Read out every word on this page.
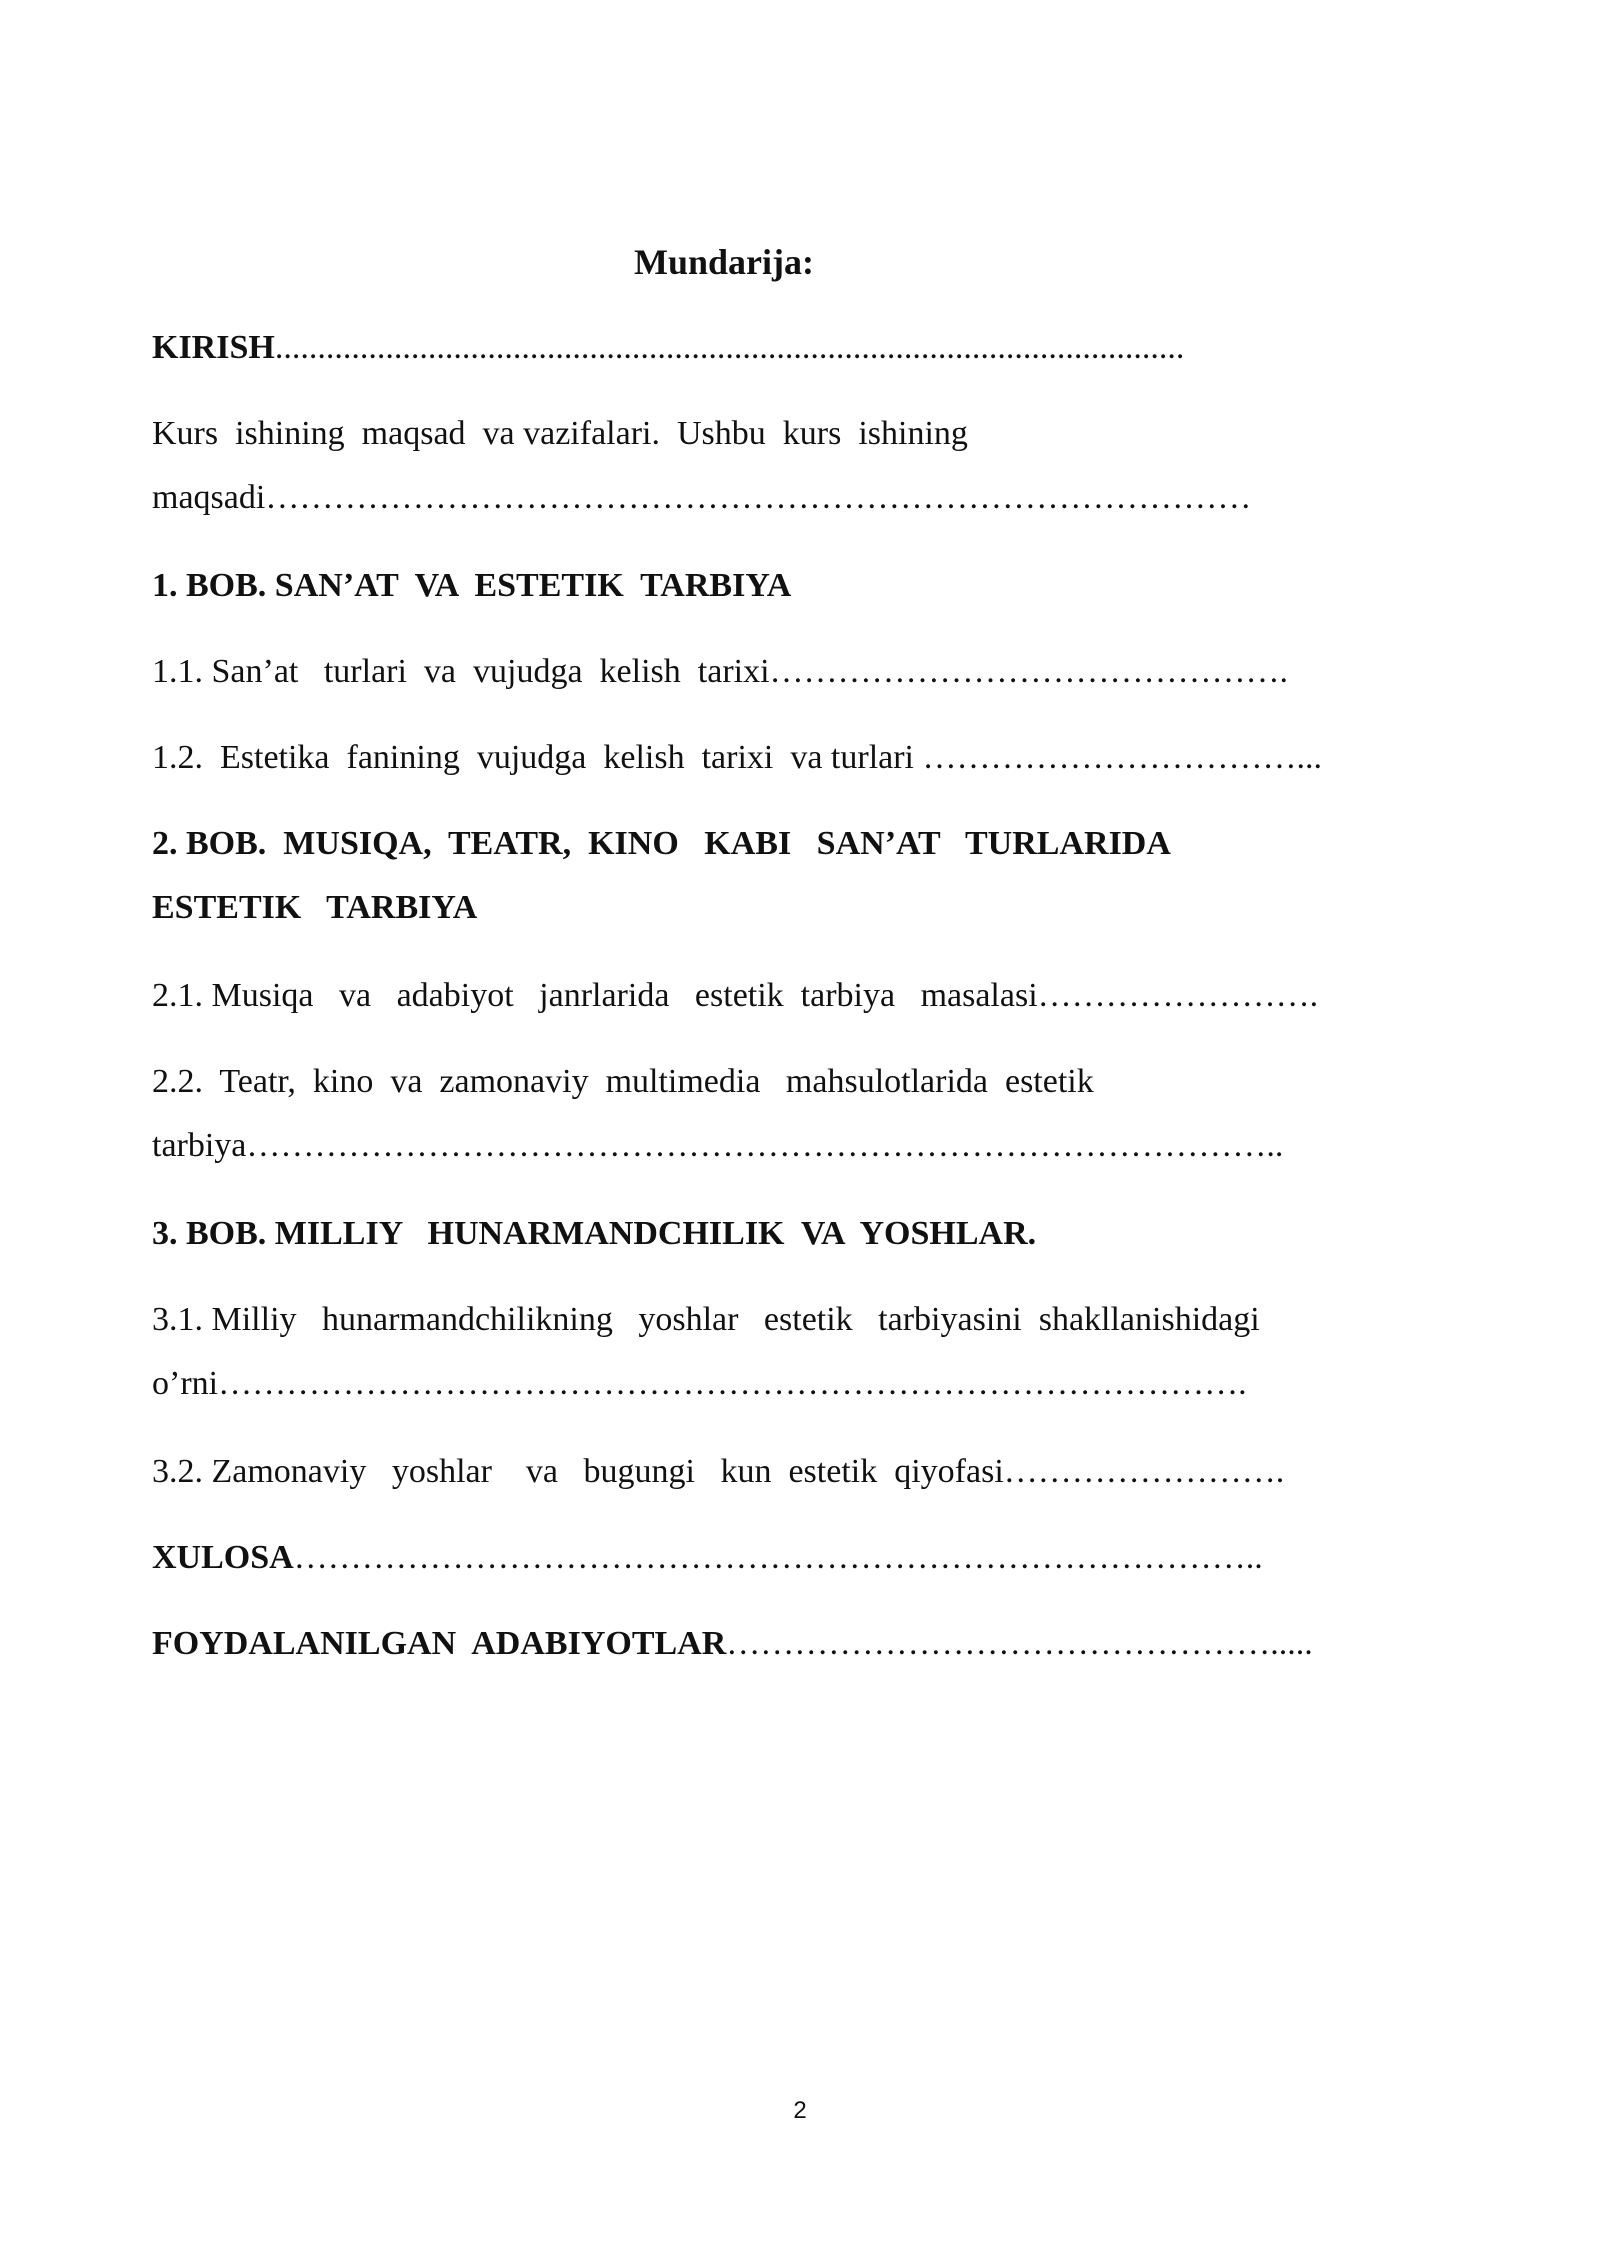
Mundarija:
KIRISH...........................................................................................................
Kurs  ishining  maqsad  va vazifalari.  Ushbu  kurs  ishining
maqsadi……………………………………………………………………………
1. BOB. SAN’AT  VA  ESTETIK  TARBIYA
1.1. San’at   turlari  va  vujudga  kelish  tarixi……………………………………….
1.2.  Estetika  fanining  vujudga  kelish  tarixi  va turlari ……………………………...
2. BOB.  MUSIQA,  TEATR,  KINO   KABI   SAN’AT   TURLARIDA
ESTETIK   TARBIYA
2.1. Musiqa   va   adabiyot   janrlarida   estetik  tarbiya   masalasi…………………….
2.2.  Teatr,  kino  va  zamonaviy  multimedia   mahsulotlarida  estetik
tarbiya………………………………………………………………………………..
3. BOB. MILLIY   HUNARMANDCHILIK  VA  YOSHLAR.
3.1. Milliy   hunarmandchilikning   yoshlar   estetik   tarbiyasini  shakllanishidagi
o’rni……………………………………………………………………………….
3.2. Zamonaviy   yoshlar    va   bugungi   kun  estetik  qiyofasi…………………….
XULOSA…………………………………………………………………………..
FOYDALANILGAN  ADABIYOTLAR………………………………………….....
2
